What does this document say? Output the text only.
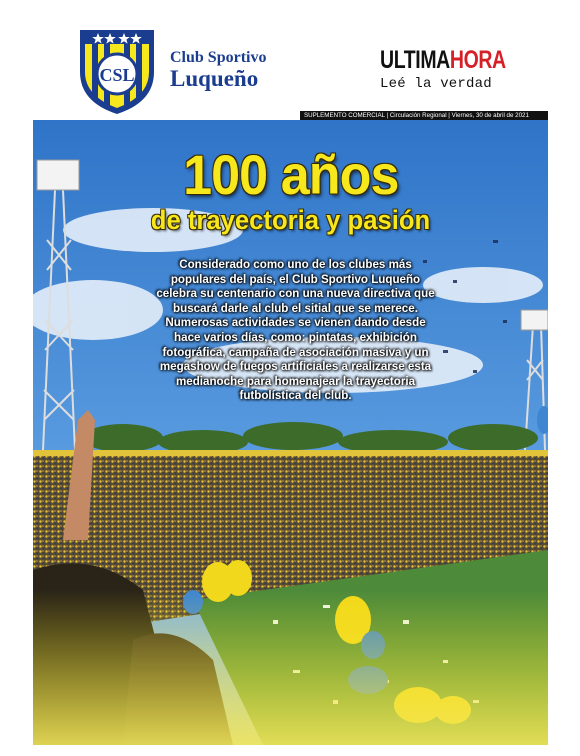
CSL
Club Sportivo
Luqueño
ULTIMAHORA
Leé la verdad
SUPLEMENTO COMERCIAL | Circulación Regional | Viernes, 30 de abril de 2021
100 años
de trayectoria y pasión
Considerado como uno de los clubes más populares del país, el Club Sportivo Luqueño celebra su centenario con una nueva directiva que buscará darle al club el sitial que se merece. Numerosas actividades se vienen dando desde hace varios días, como: pintatas, exhibición fotográfica, campaña de asociación masiva y un megashow de fuegos artificiales a realizarse esta medianoche para homenajear la trayectoria futbolística del club.
